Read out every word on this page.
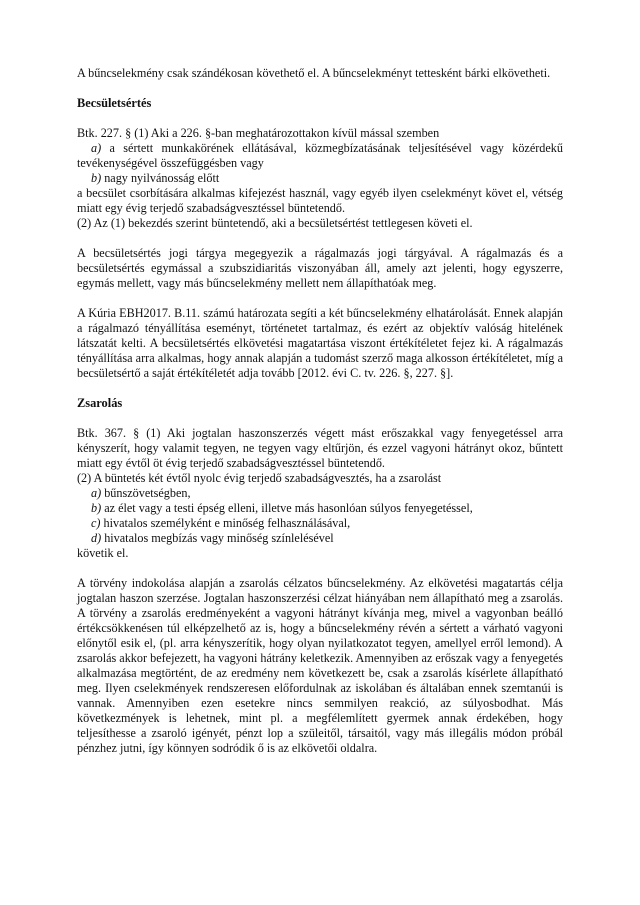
A bűncselekmény csak szándékosan követhető el. A bűncselekményt tettesként bárki elkövetheti.

Becsületsértés

Btk. 227. § (1) Aki a 226. §-ban meghatározottakon kívül mással szemben

a) a sértett munkakörének ellátásával, közmegbízatásának teljesítésével vagy közérdekű tevékenységével összefüggésben vagy

b) nagy nyilvánosság előtt

a becsület csorbítására alkalmas kifejezést használ, vagy egyéb ilyen cselekményt követ el, vétség miatt egy évig terjedő szabadságvesztéssel büntetendő.

(2) Az (1) bekezdés szerint büntetendő, aki a becsületsértést tettlegesen követi el.

A becsületsértés jogi tárgya megegyezik a rágalmazás jogi tárgyával. A rágalmazás és a becsületsértés egymással a szubszidiaritás viszonyában áll, amely azt jelenti, hogy egyszerre, egymás mellett, vagy más bűncselekmény mellett nem állapíthatóak meg.

A Kúria EBH2017. B.11. számú határozata segíti a két bűncselekmény elhatárolását. Ennek alapján a rágalmazó tényállítása eseményt, történetet tartalmaz, és ezért az objektív valóság hitelének látszatát kelti. A becsületsértés elkövetési magatartása viszont értékítéletet fejez ki. A rágalmazás tényállítása arra alkalmas, hogy annak alapján a tudomást szerző maga alkosson értékítéletet, míg a becsületsértő a saját értékítéletét adja tovább [2012. évi C. tv. 226. §, 227. §].

Zsarolás

Btk. 367. § (1) Aki jogtalan haszonszerzés végett mást erőszakkal vagy fenyegetéssel arra kényszerít, hogy valamit tegyen, ne tegyen vagy eltűrjön, és ezzel vagyoni hátrányt okoz, bűntett miatt egy évtől öt évig terjedő szabadságvesztéssel büntetendő.

(2) A büntetés két évtől nyolc évig terjedő szabadságvesztés, ha a zsarolást

a) bűnszövetségben,

b) az élet vagy a testi épség elleni, illetve más hasonlóan súlyos fenyegetéssel,

c) hivatalos személyként e minőség felhasználásával,

d) hivatalos megbízás vagy minőség színlelésével

követik el.

A törvény indokolása alapján a zsarolás célzatos bűncselekmény. Az elkövetési magatartás célja jogtalan haszon szerzése. Jogtalan haszonszerzési célzat hiányában nem állapítható meg a zsarolás. A törvény a zsarolás eredményeként a vagyoni hátrányt kívánja meg, mivel a vagyonban beálló értékcsökkenésen túl elképzelhető az is, hogy a bűncselekmény révén a sértett a várható vagyoni előnytől esik el, (pl. arra kényszerítik, hogy olyan nyilatkozatot tegyen, amellyel erről lemond). A zsarolás akkor befejezett, ha vagyoni hátrány keletkezik. Amennyiben az erőszak vagy a fenyegetés alkalmazása megtörtént, de az eredmény nem következett be, csak a zsarolás kísérlete állapítható meg. Ilyen cselekmények rendszeresen előfordulnak az iskolában és általában ennek szemtanúi is vannak. Amennyiben ezen esetekre nincs semmilyen reakció, az súlyosbodhat. Más következmények is lehetnek, mint pl. a megfélemlített gyermek annak érdekében, hogy teljesíthesse a zsaroló igényét, pénzt lop a szüleitől, társaitól, vagy más illegális módon próbál pénzhez jutni, így könnyen sodródik ő is az elkövetői oldalra.
